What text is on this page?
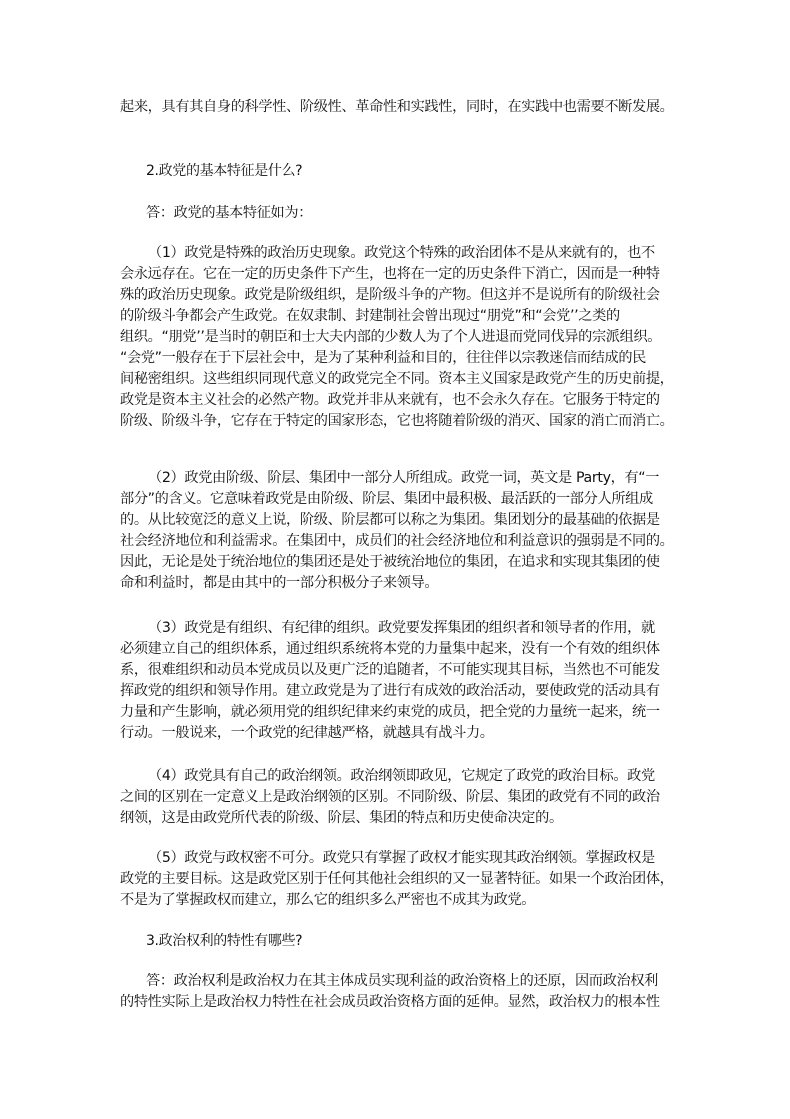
起来，具有其自身的科学性、阶级性、革命性和实践性，同时，在实践中也需要不断发展。
2.政党的基本特征是什么?
答：政党的基本特征如为：
（1）政党是特殊的政治历史现象。政党这个特殊的政治团体不是从来就有的，也不
会永远存在。它在一定的历史条件下产生，也将在一定的历史条件下消亡，因而是一种特
殊的政治历史现象。政党是阶级组织，是阶级斗争的产物。但这并不是说所有的阶级社会
的阶级斗争都会产生政党。在奴隶制、封建制社会曾出现过“朋党”和“会党’’之类的
组织。“朋党’’是当时的朝臣和士大夫内部的少数人为了个人进退而党同伐异的宗派组织。
“会党”一般存在于下层社会中，是为了某种利益和目的，往往伴以宗教迷信而结成的民
间秘密组织。这些组织同现代意义的政党完全不同。资本主义国家是政党产生的历史前提，
政党是资本主义社会的必然产物。政党并非从来就有，也不会永久存在。它服务于特定的
阶级、阶级斗争，它存在于特定的国家形态，它也将随着阶级的消灭、国家的消亡而消亡。
（2）政党由阶级、阶层、集团中一部分人所组成。政党一词，英文是 Party，有“一
部分”的含义。它意味着政党是由阶级、阶层、集团中最积极、最活跃的一部分人所组成
的。从比较宽泛的意义上说，阶级、阶层都可以称之为集团。集团划分的最基础的依据是
社会经济地位和利益需求。在集团中，成员们的社会经济地位和利益意识的强弱是不同的。
因此，无论是处于统治地位的集团还是处于被统治地位的集团，在追求和实现其集团的使
命和利益时，都是由其中的一部分积极分子来领导。
（3）政党是有组织、有纪律的组织。政党要发挥集团的组织者和领导者的作用，就
必须建立自己的组织体系，通过组织系统将本党的力量集中起来，没有一个有效的组织体
系，很难组织和动员本党成员以及更广泛的追随者，不可能实现其目标，当然也不可能发
挥政党的组织和领导作用。建立政党是为了进行有成效的政治活动，要使政党的活动具有
力量和产生影响，就必须用党的组织纪律来约束党的成员，把全党的力量统一起来，统一
行动。一般说来，一个政党的纪律越严格，就越具有战斗力。
（4）政党具有自己的政治纲领。政治纲领即政见，它规定了政党的政治目标。政党
之间的区别在一定意义上是政治纲领的区别。不同阶级、阶层、集团的政党有不同的政治
纲领，这是由政党所代表的阶级、阶层、集团的特点和历史使命决定的。
（5）政党与政权密不可分。政党只有掌握了政权才能实现其政治纲领。掌握政权是
政党的主要目标。这是政党区别于任何其他社会组织的又一显著特征。如果一个政治团体，
不是为了掌握政权而建立，那么它的组织多么严密也不成其为政党。
3.政治权利的特性有哪些?
答：政治权利是政治权力在其主体成员实现利益的政治资格上的还原，因而政治权利
的特性实际上是政治权力特性在社会成员政治资格方面的延伸。显然，政治权力的根本性
